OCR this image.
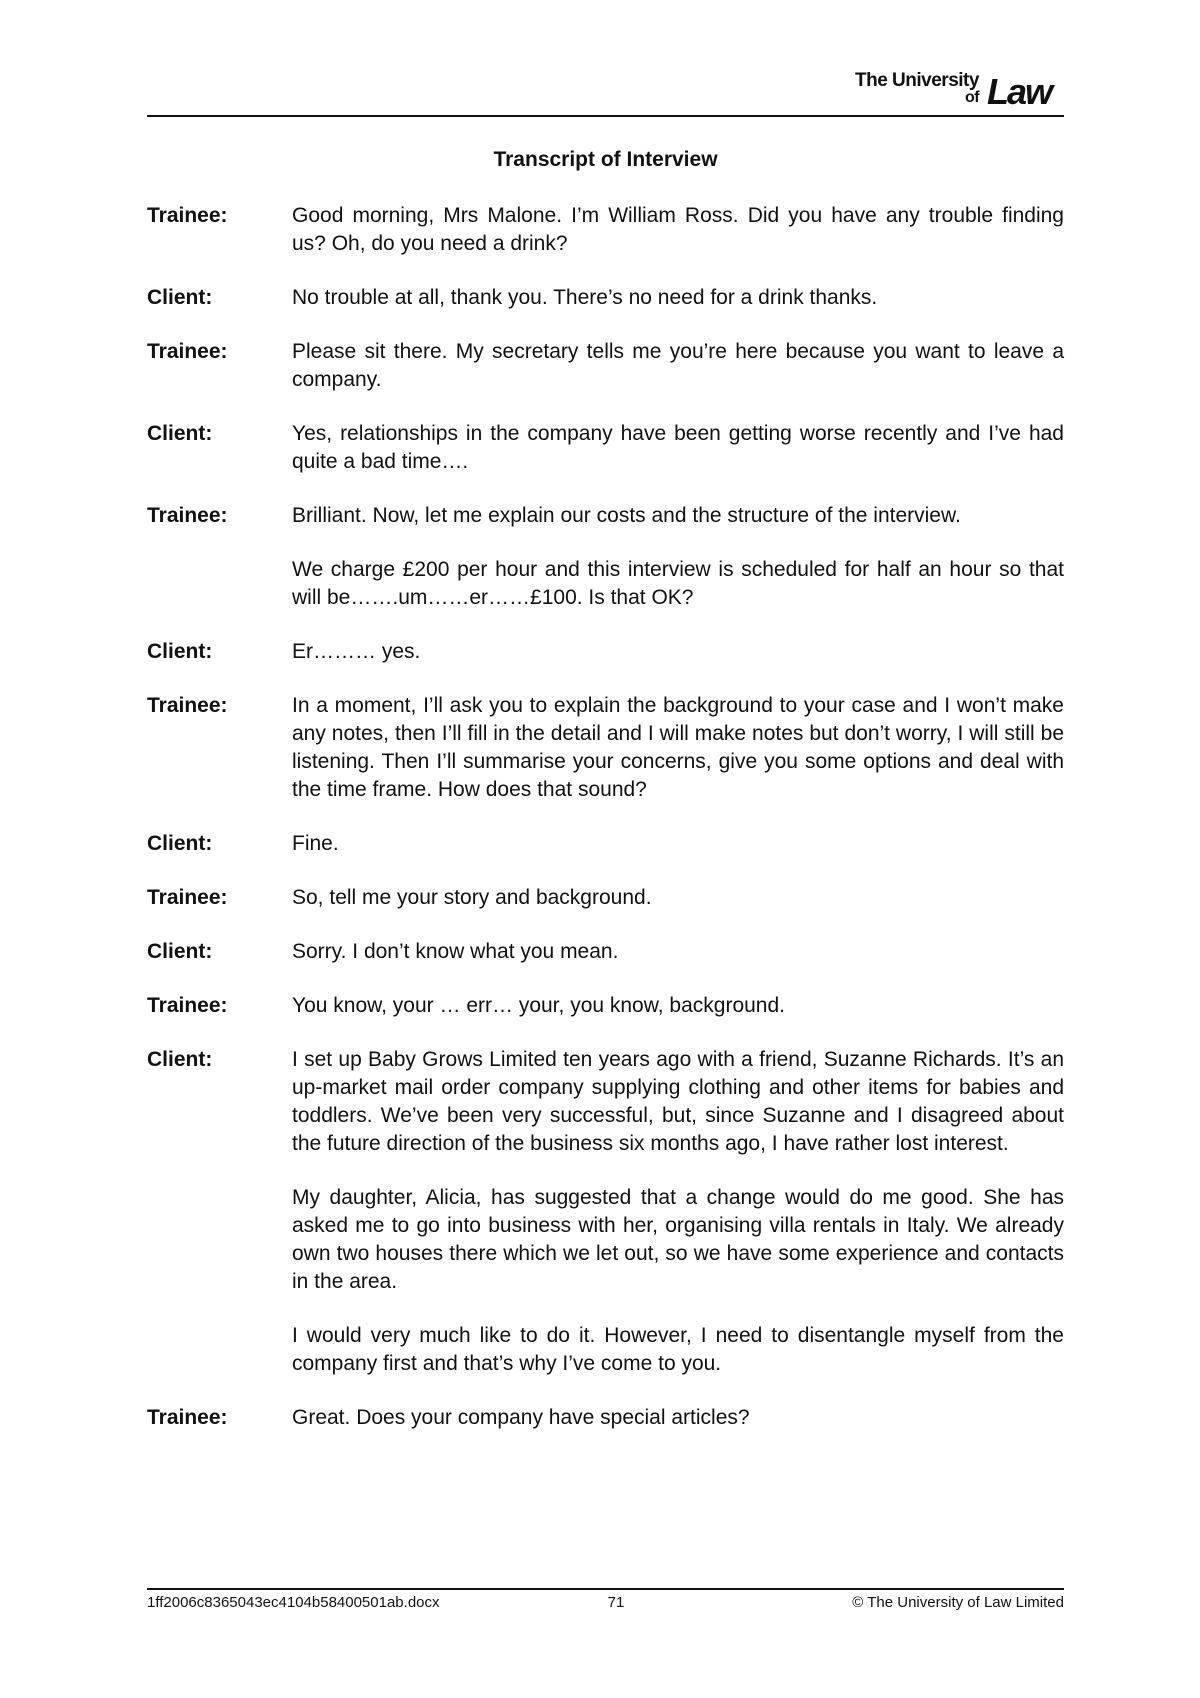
The University
of Law
Transcript of Interview
Trainee:	Good morning, Mrs Malone. I’m William Ross. Did you have any trouble finding us? Oh, do you need a drink?

Client:	No trouble at all, thank you. There’s no need for a drink thanks.

Trainee:	Please sit there. My secretary tells me you’re here because you want to leave a company.

Client:	Yes, relationships in the company have been getting worse recently and I’ve had quite a bad time….

Trainee:	Brilliant. Now, let me explain our costs and the structure of the interview.

We charge £200 per hour and this interview is scheduled for half an hour so that will be…….um……er……£100. Is that OK?

Client:	Er……… yes.

Trainee:	In a moment, I’ll ask you to explain the background to your case and I won’t make any notes, then I’ll fill in the detail and I will make notes but don’t worry, I will still be listening. Then I’ll summarise your concerns, give you some options and deal with the time frame. How does that sound?

Client:	Fine.

Trainee:	So, tell me your story and background.

Client:	Sorry. I don’t know what you mean.

Trainee:	You know, your … err… your, you know, background.

Client:	I set up Baby Grows Limited ten years ago with a friend, Suzanne Richards. It’s an up-market mail order company supplying clothing and other items for babies and toddlers. We’ve been very successful, but, since Suzanne and I disagreed about the future direction of the business six months ago, I have rather lost interest.

My daughter, Alicia, has suggested that a change would do me good. She has asked me to go into business with her, organising villa rentals in Italy. We already own two houses there which we let out, so we have some experience and contacts in the area.

I would very much like to do it. However, I need to disentangle myself from the company first and that’s why I’ve come to you.

Trainee:	Great. Does your company have special articles?

1ff2006c8365043ec4104b58400501ab.docx	71	© The University of Law Limited
